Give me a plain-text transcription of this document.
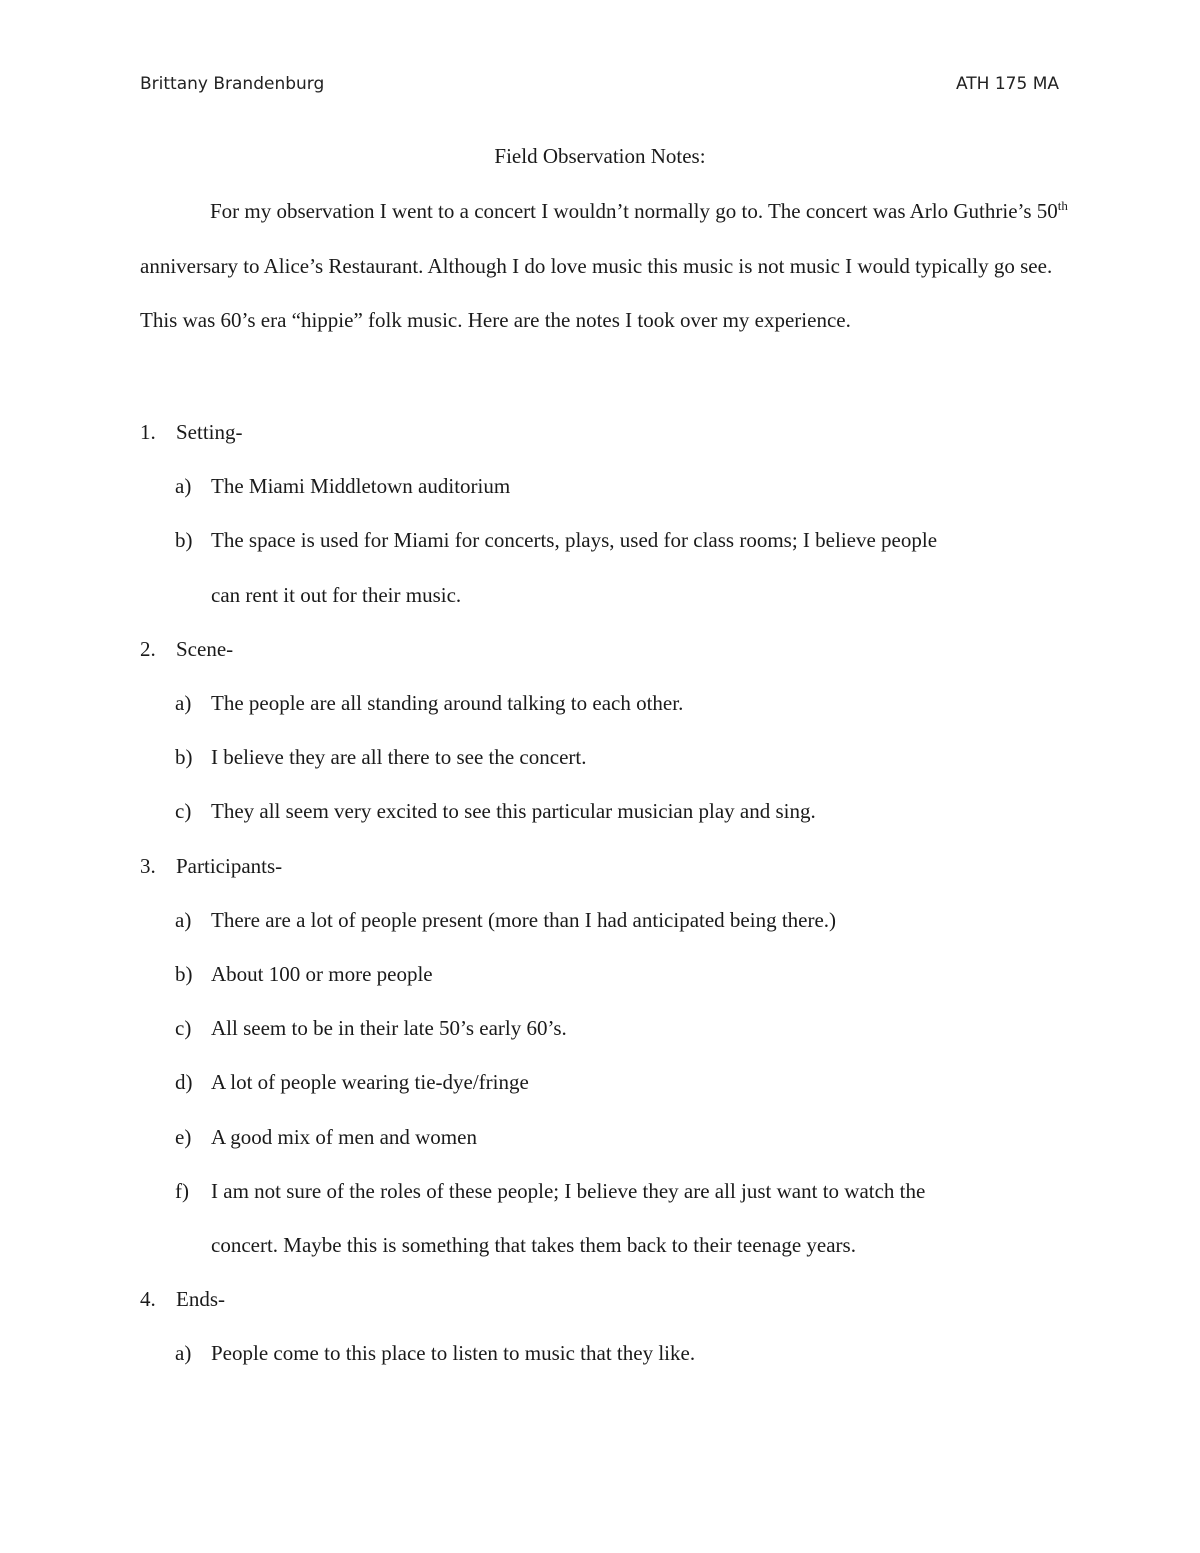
Brittany Brandenburg	ATH 175 MA
Field Observation Notes:

For my observation I went to a concert I wouldn’t normally go to. The concert was Arlo Guthrie’s 50th anniversary to Alice’s Restaurant. Although I do love music this music is not music I would typically go see. This was 60’s era “hippie” folk music. Here are the notes I took over my experience.

1. Setting-
a) The Miami Middletown auditorium
b) The space is used for Miami for concerts, plays, used for class rooms; I believe people
can rent it out for their music.
2. Scene-
a) The people are all standing around talking to each other.
b) I believe they are all there to see the concert.
c) They all seem very excited to see this particular musician play and sing.
3. Participants-
a) There are a lot of people present (more than I had anticipated being there.)
b) About 100 or more people
c) All seem to be in their late 50’s early 60’s.
d) A lot of people wearing tie-dye/fringe
e) A good mix of men and women
f) I am not sure of the roles of these people; I believe they are all just want to watch the
concert. Maybe this is something that takes them back to their teenage years.
4. Ends-
a) People come to this place to listen to music that they like.
